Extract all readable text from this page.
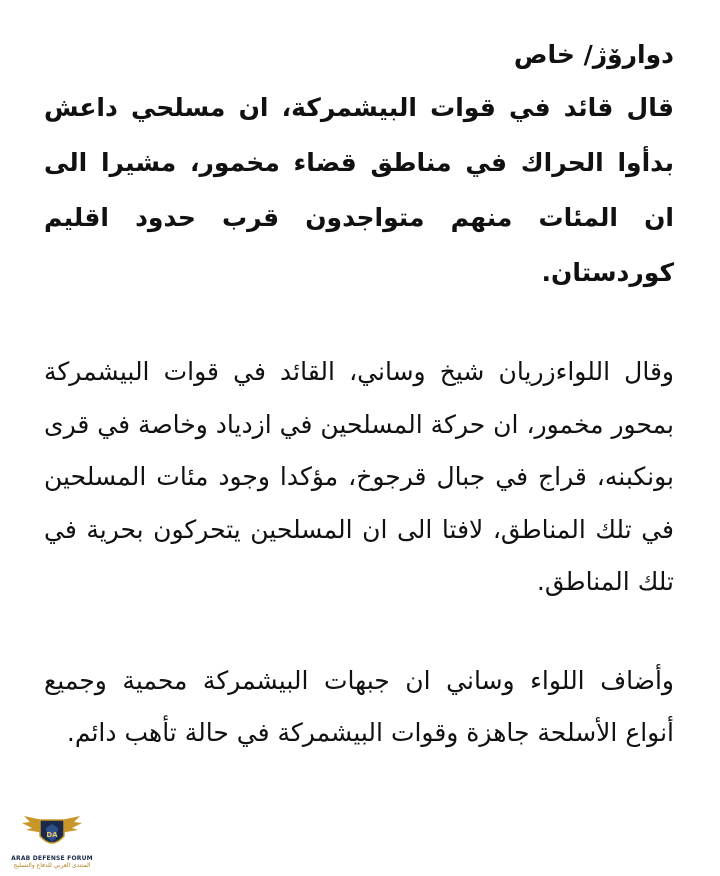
دوارۆژ/ خاص

قال قائد في قوات البيشمركة، ان مسلحي داعش بدأوا الحراك في مناطق قضاء مخمور، مشيرا الى ان المئات منهم متواجدون قرب حدود اقليم كوردستان.

وقال اللواءزريان شيخ وساني، القائد في قوات البيشمركة بمحور مخمور، ان حركة المسلحين في ازدياد وخاصة في قرى بونكبنه، قراج في جبال قرجوخ، مؤكدا وجود مئات المسلحين في تلك المناطق، لافتا الى ان المسلحين يتحركون بحرية في تلك المناطق.

وأضاف اللواء وساني ان جبهات البيشمركة محمية وجميع أنواع الأسلحة جاهزة وقوات البيشمركة في حالة تأهب دائم.

DA
ARAB DEFENSE FORUM
المنتدى العربي للدفاع والتسليح
